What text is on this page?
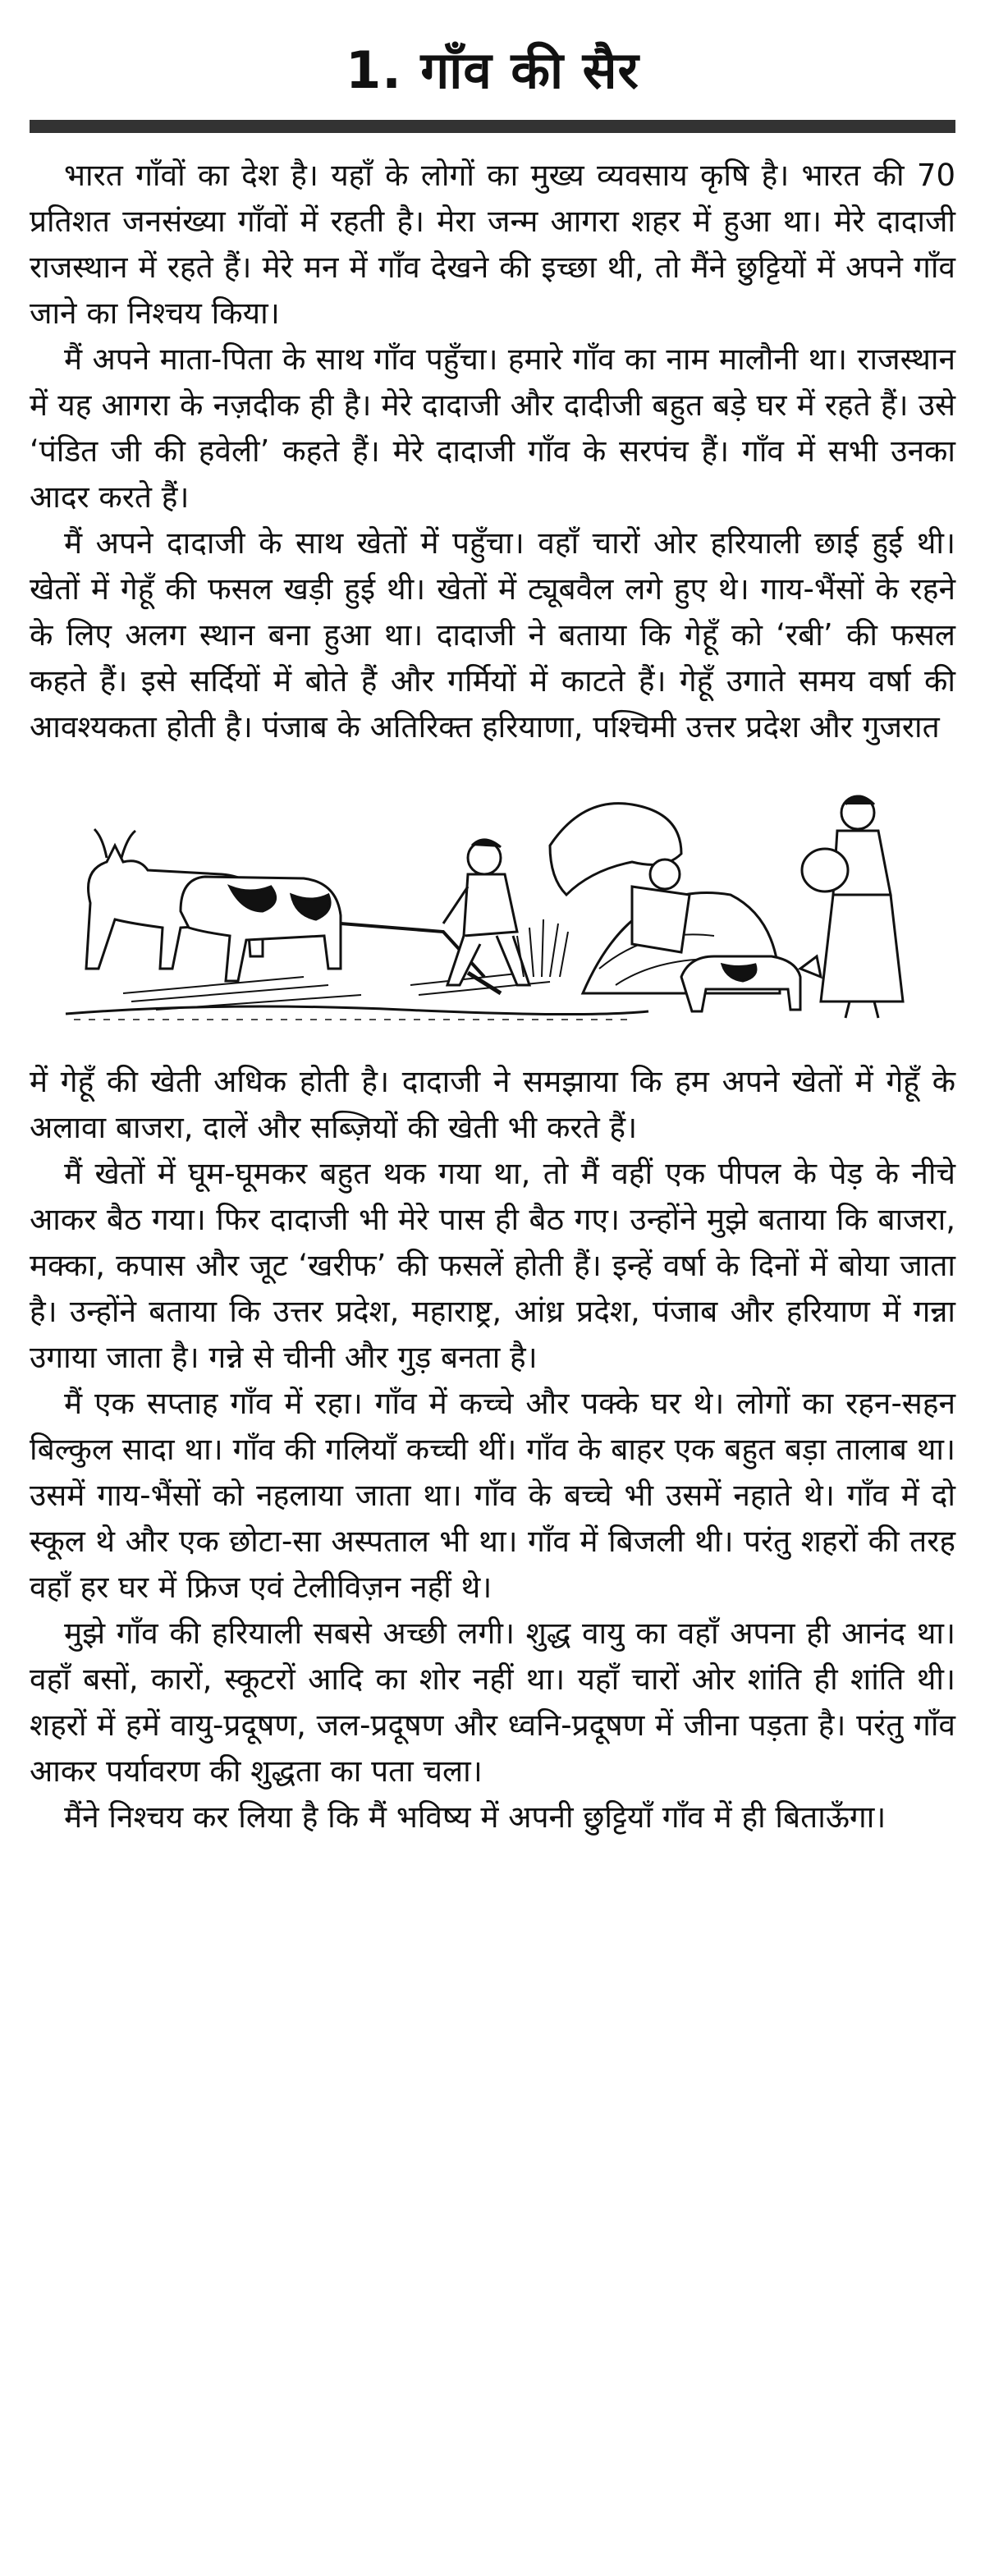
1. गाँव की सैर

भारत गाँवों का देश है। यहाँ के लोगों का मुख्य व्यवसाय कृषि है। भारत की 70 प्रतिशत जनसंख्या गाँवों में रहती है। मेरा जन्म आगरा शहर में हुआ था। मेरे दादाजी राजस्थान में रहते हैं। मेरे मन में गाँव देखने की इच्छा थी, तो मैंने छुट्टियों में अपने गाँव जाने का निश्चय किया।

मैं अपने माता-पिता के साथ गाँव पहुँचा। हमारे गाँव का नाम मालौनी था। राजस्थान में यह आगरा के नज़दीक ही है। मेरे दादाजी और दादीजी बहुत बड़े घर में रहते हैं। उसे ‘पंडित जी की हवेली’ कहते हैं। मेरे दादाजी गाँव के सरपंच हैं। गाँव में सभी उनका आदर करते हैं।

मैं अपने दादाजी के साथ खेतों में पहुँचा। वहाँ चारों ओर हरियाली छाई हुई थी। खेतों में गेहूँ की फसल खड़ी हुई थी। खेतों में ट्यूबवैल लगे हुए थे। गाय-भैंसों के रहने के लिए अलग स्थान बना हुआ था। दादाजी ने बताया कि गेहूँ को ‘रबी’ की फसल कहते हैं। इसे सर्दियों में बोते हैं और गर्मियों में काटते हैं। गेहूँ उगाते समय वर्षा की आवश्यकता होती है। पंजाब के अतिरिक्त हरियाणा, पश्चिमी उत्तर प्रदेश और गुजरात

में गेहूँ की खेती अधिक होती है। दादाजी ने समझाया कि हम अपने खेतों में गेहूँ के अलावा बाजरा, दालें और सब्ज़ियों की खेती भी करते हैं।

मैं खेतों में घूम-घूमकर बहुत थक गया था, तो मैं वहीं एक पीपल के पेड़ के नीचे आकर बैठ गया। फिर दादाजी भी मेरे पास ही बैठ गए। उन्होंने मुझे बताया कि बाजरा, मक्का, कपास और जूट ‘खरीफ’ की फसलें होती हैं। इन्हें वर्षा के दिनों में बोया जाता है। उन्होंने बताया कि उत्तर प्रदेश, महाराष्ट्र, आंध्र प्रदेश, पंजाब और हरियाण में गन्ना उगाया जाता है। गन्ने से चीनी और गुड़ बनता है।

मैं एक सप्ताह गाँव में रहा। गाँव में कच्चे और पक्के घर थे। लोगों का रहन-सहन बिल्कुल सादा था। गाँव की गलियाँ कच्ची थीं। गाँव के बाहर एक बहुत बड़ा तालाब था। उसमें गाय-भैंसों को नहलाया जाता था। गाँव के बच्चे भी उसमें नहाते थे। गाँव में दो स्कूल थे और एक छोटा-सा अस्पताल भी था। गाँव में बिजली थी। परंतु शहरों की तरह वहाँ हर घर में फ्रिज एवं टेलीविज़न नहीं थे।

मुझे गाँव की हरियाली सबसे अच्छी लगी। शुद्ध वायु का वहाँ अपना ही आनंद था। वहाँ बसों, कारों, स्कूटरों आदि का शोर नहीं था। यहाँ चारों ओर शांति ही शांति थी। शहरों में हमें वायु-प्रदूषण, जल-प्रदूषण और ध्वनि-प्रदूषण में जीना पड़ता है। परंतु गाँव आकर पर्यावरण की शुद्धता का पता चला।

मैंने निश्चय कर लिया है कि मैं भविष्य में अपनी छुट्टियाँ गाँव में ही बिताऊँगा।
